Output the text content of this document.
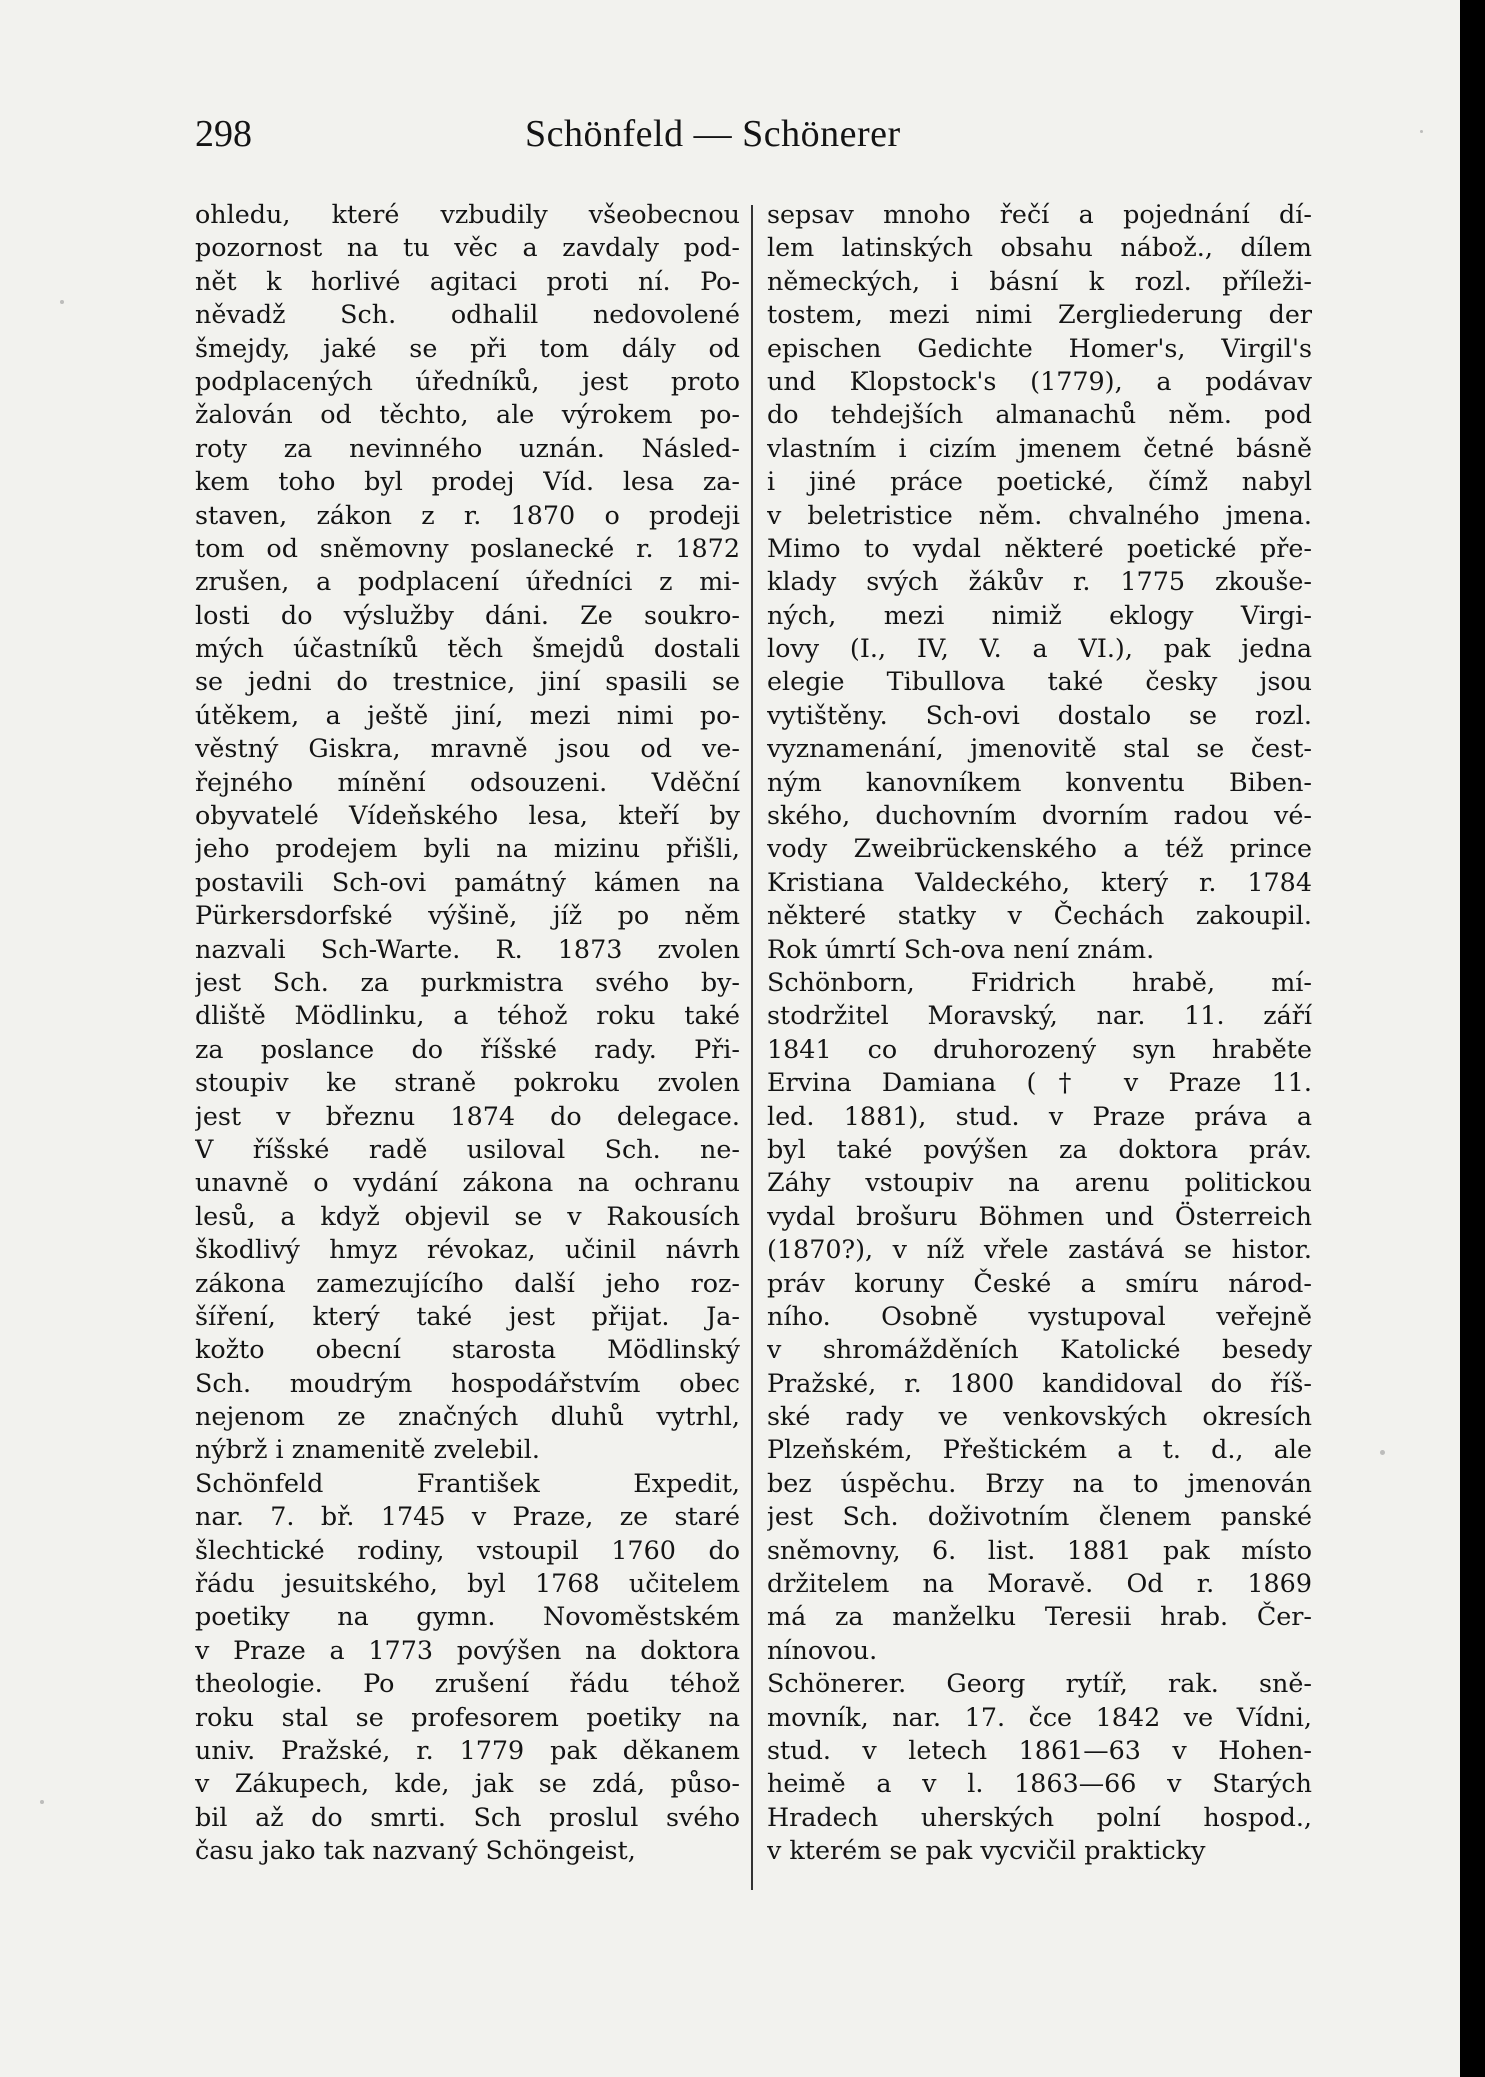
298	Schönfeld — Schönerer
ohledu, které vzbudily všeobecnou
pozornost na tu věc a zavdaly pod-
nět k horlivé agitaci proti ní. Po-
něvadž Sch. odhalil nedovolené
šmejdy, jaké se při tom dály od
podplacených úředníků, jest proto
žalován od těchto, ale výrokem po-
roty za nevinného uznán. Násled-
kem toho byl prodej Víd. lesa za-
staven, zákon z r. 1870 o prodeji
tom od sněmovny poslanecké r. 1872
zrušen, a podplacení úředníci z mi-
losti do výslužby dáni. Ze soukro-
mých účastníků těch šmejdů dostali
se jedni do trestnice, jiní spasili se
útěkem, a ještě jiní, mezi nimi po-
věstný Giskra, mravně jsou od ve-
řejného mínění odsouzeni. Vděční
obyvatelé Vídeňského lesa, kteří by
jeho prodejem byli na mizinu přišli,
postavili Sch-ovi památný kámen na
Pürkersdorfské výšině, jíž po něm
nazvali Sch-Warte. R. 1873 zvolen
jest Sch. za purkmistra svého by-
dliště Mödlinku, a téhož roku také
za poslance do říšské rady. Při-
stoupiv ke straně pokroku zvolen
jest v březnu 1874 do delegace.
V říšské radě usiloval Sch. ne-
unavně o vydání zákona na ochranu
lesů, a když objevil se v Rakousích
škodlivý hmyz révokaz, učinil návrh
zákona zamezujícího další jeho roz-
šíření, který také jest přijat. Ja-
kožto obecní starosta Mödlinský
Sch. moudrým hospodářstvím obec
nejenom ze značných dluhů vytrhl,
nýbrž i znamenitě zvelebil.
Schönfeld František Expedit,
nar. 7. bř. 1745 v Praze, ze staré
šlechtické rodiny, vstoupil 1760 do
řádu jesuitského, byl 1768 učitelem
poetiky na gymn. Novoměstském
v Praze a 1773 povýšen na doktora
theologie. Po zrušení řádu téhož
roku stal se profesorem poetiky na
univ. Pražské, r. 1779 pak děkanem
v Zákupech, kde, jak se zdá, půso-
bil až do smrti. Sch proslul svého
času jako tak nazvaný Schöngeist,
sepsav mnoho řečí a pojednání dí-
lem latinských obsahu nábož., dílem
německých, i básní k rozl. příleži-
tostem, mezi nimi Zergliederung der
epischen Gedichte Homer's, Virgil's
und Klopstock's (1779), a podávav
do tehdejších almanachů něm. pod
vlastním i cizím jmenem četné básně
i jiné práce poetické, čímž nabyl
v beletristice něm. chvalného jmena.
Mimo to vydal některé poetické pře-
klady svých žákův r. 1775 zkouše-
ných, mezi nimiž eklogy Virgi-
lovy (I., IV, V. a VI.), pak jedna
elegie Tibullova také česky jsou
vytištěny. Sch-ovi dostalo se rozl.
vyznamenání, jmenovitě stal se čest-
ným kanovníkem konventu Biben-
ského, duchovním dvorním radou vé-
vody Zweibrückenského a též prince
Kristiana Valdeckého, který r. 1784
některé statky v Čechách zakoupil.
Rok úmrtí Sch-ova není znám.
Schönborn, Fridrich hrabě, mí-
stodržitel Moravský, nar. 11. září
1841 co druhorozený syn hraběte
Ervina Damiana († v Praze 11.
led. 1881), stud. v Praze práva a
byl také povýšen za doktora práv.
Záhy vstoupiv na arenu politickou
vydal brošuru Böhmen und Österreich
(1870?), v níž vřele zastává se histor.
práv koruny České a smíru národ-
ního. Osobně vystupoval veřejně
v shromážděních Katolické besedy
Pražské, r. 1800 kandidoval do říš-
ské rady ve venkovských okresích
Plzeňském, Přeštickém a t. d., ale
bez úspěchu. Brzy na to jmenován
jest Sch. doživotním členem panské
sněmovny, 6. list. 1881 pak místo
držitelem na Moravě. Od r. 1869
má za manželku Teresii hrab. Čer-
nínovou.
Schönerer. Georg rytíř, rak. sně-
movník, nar. 17. čce 1842 ve Vídni,
stud. v letech 1861—63 v Hohen-
heimě a v l. 1863—66 v Starých
Hradech uherských polní hospod.,
v kterém se pak vycvičil prakticky
